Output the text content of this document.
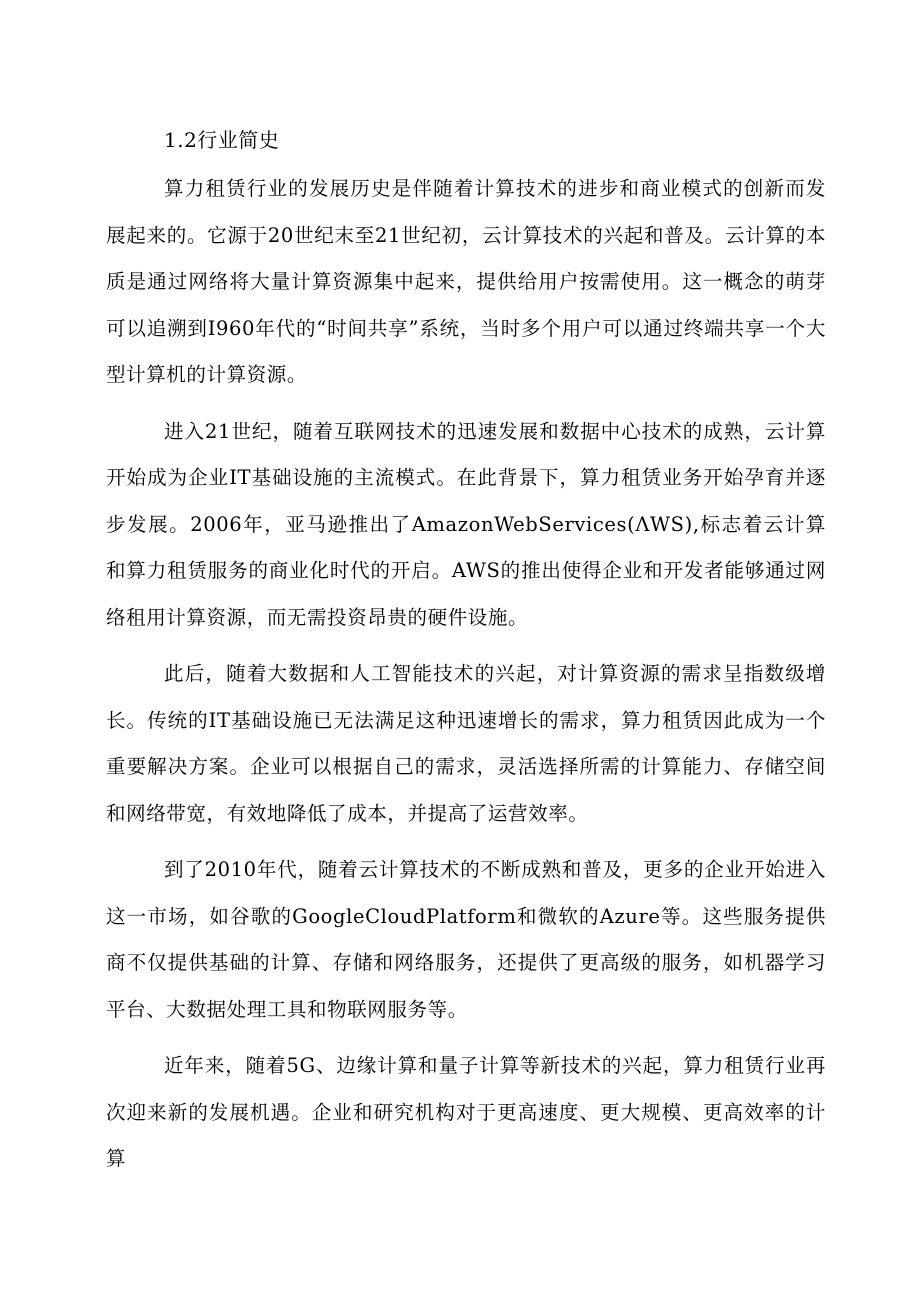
1.2行业简史

算力租赁行业的发展历史是伴随着计算技术的进步和商业模式的创新而发展起来的。它源于20世纪末至21世纪初，云计算技术的兴起和普及。云计算的本质是通过网络将大量计算资源集中起来，提供给用户按需使用。这一概念的萌芽可以追溯到I960年代的“时间共享”系统，当时多个用户可以通过终端共享一个大型计算机的计算资源。

进入21世纪，随着互联网技术的迅速发展和数据中心技术的成熟，云计算开始成为企业IT基础设施的主流模式。在此背景下，算力租赁业务开始孕育并逐步发展。2006年，亚马逊推出了AmazonWebServices(ΛWS),标志着云计算和算力租赁服务的商业化时代的开启。AWS的推出使得企业和开发者能够通过网络租用计算资源，而无需投资昂贵的硬件设施。

此后，随着大数据和人工智能技术的兴起，对计算资源的需求呈指数级增长。传统的IT基础设施已无法满足这种迅速增长的需求，算力租赁因此成为一个重要解决方案。企业可以根据自己的需求，灵活选择所需的计算能力、存储空间和网络带宽，有效地降低了成本，并提高了运营效率。

到了2010年代，随着云计算技术的不断成熟和普及，更多的企业开始进入这一市场，如谷歌的GoogleCloudPlatform和微软的Azure等。这些服务提供商不仅提供基础的计算、存储和网络服务，还提供了更高级的服务，如机器学习平台、大数据处理工具和物联网服务等。

近年来，随着5G、边缘计算和量子计算等新技术的兴起，算力租赁行业再次迎来新的发展机遇。企业和研究机构对于更高速度、更大规模、更高效率的计算
